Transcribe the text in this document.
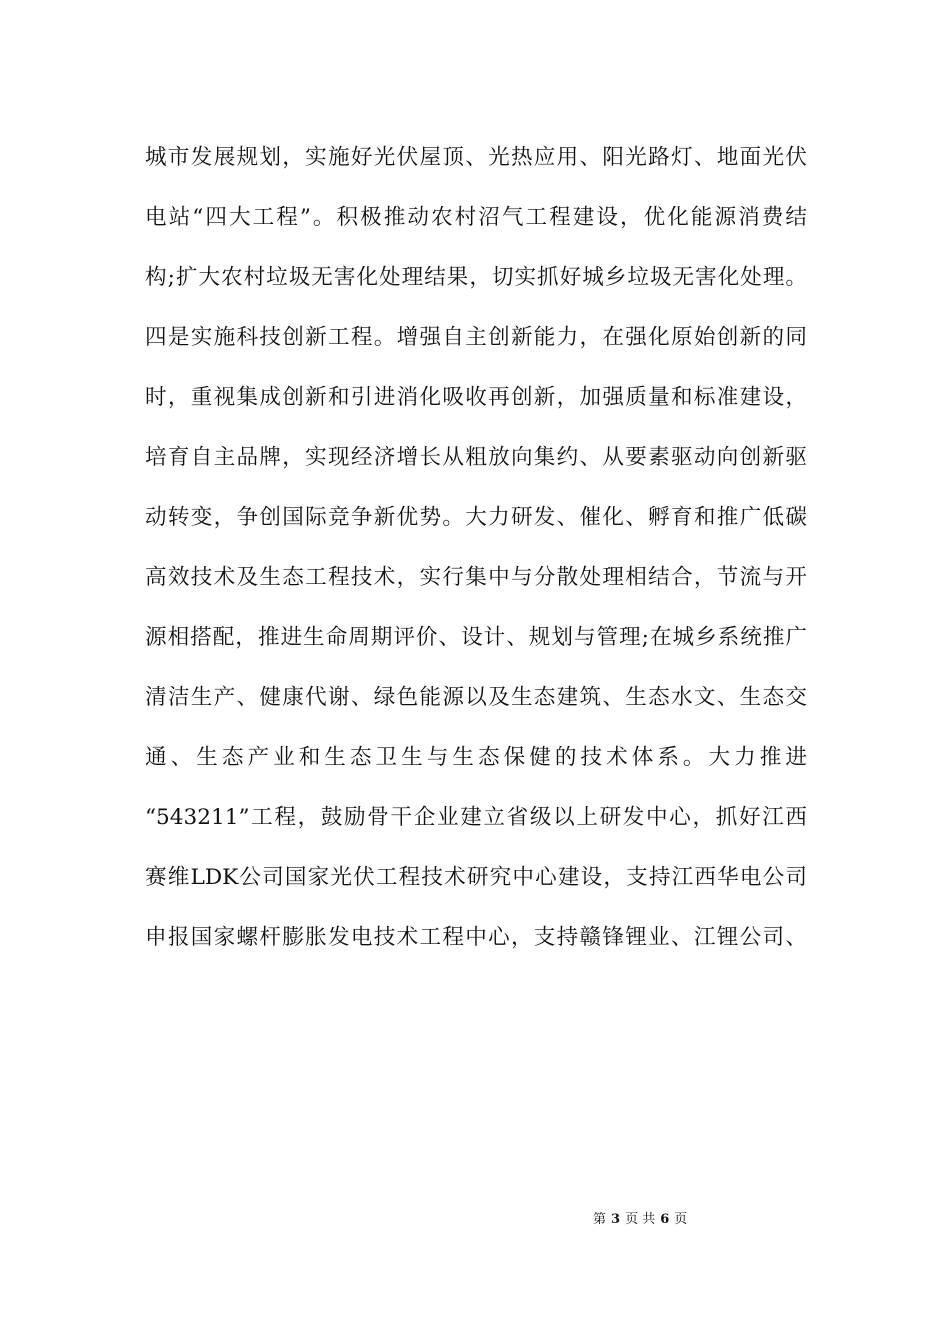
城市发展规划，实施好光伏屋顶、光热应用、阳光路灯、地面光伏
电站“四大工程”。积极推动农村沼气工程建设，优化能源消费结
构;扩大农村垃圾无害化处理结果，切实抓好城乡垃圾无害化处理。
四是实施科技创新工程。增强自主创新能力，在强化原始创新的同
时，重视集成创新和引进消化吸收再创新，加强质量和标准建设，
培育自主品牌，实现经济增长从粗放向集约、从要素驱动向创新驱
动转变，争创国际竞争新优势。大力研发、催化、孵育和推广低碳
高效技术及生态工程技术，实行集中与分散处理相结合，节流与开
源相搭配，推进生命周期评价、设计、规划与管理;在城乡系统推广
清洁生产、健康代谢、绿色能源以及生态建筑、生态水文、生态交
通、生态产业和生态卫生与生态保健的技术体系。大力推进
“543211”工程，鼓励骨干企业建立省级以上研发中心，抓好江西
赛维LDK公司国家光伏工程技术研究中心建设，支持江西华电公司
申报国家螺杆膨胀发电技术工程中心，支持赣锋锂业、江锂公司、
第 3 页 共 6 页
